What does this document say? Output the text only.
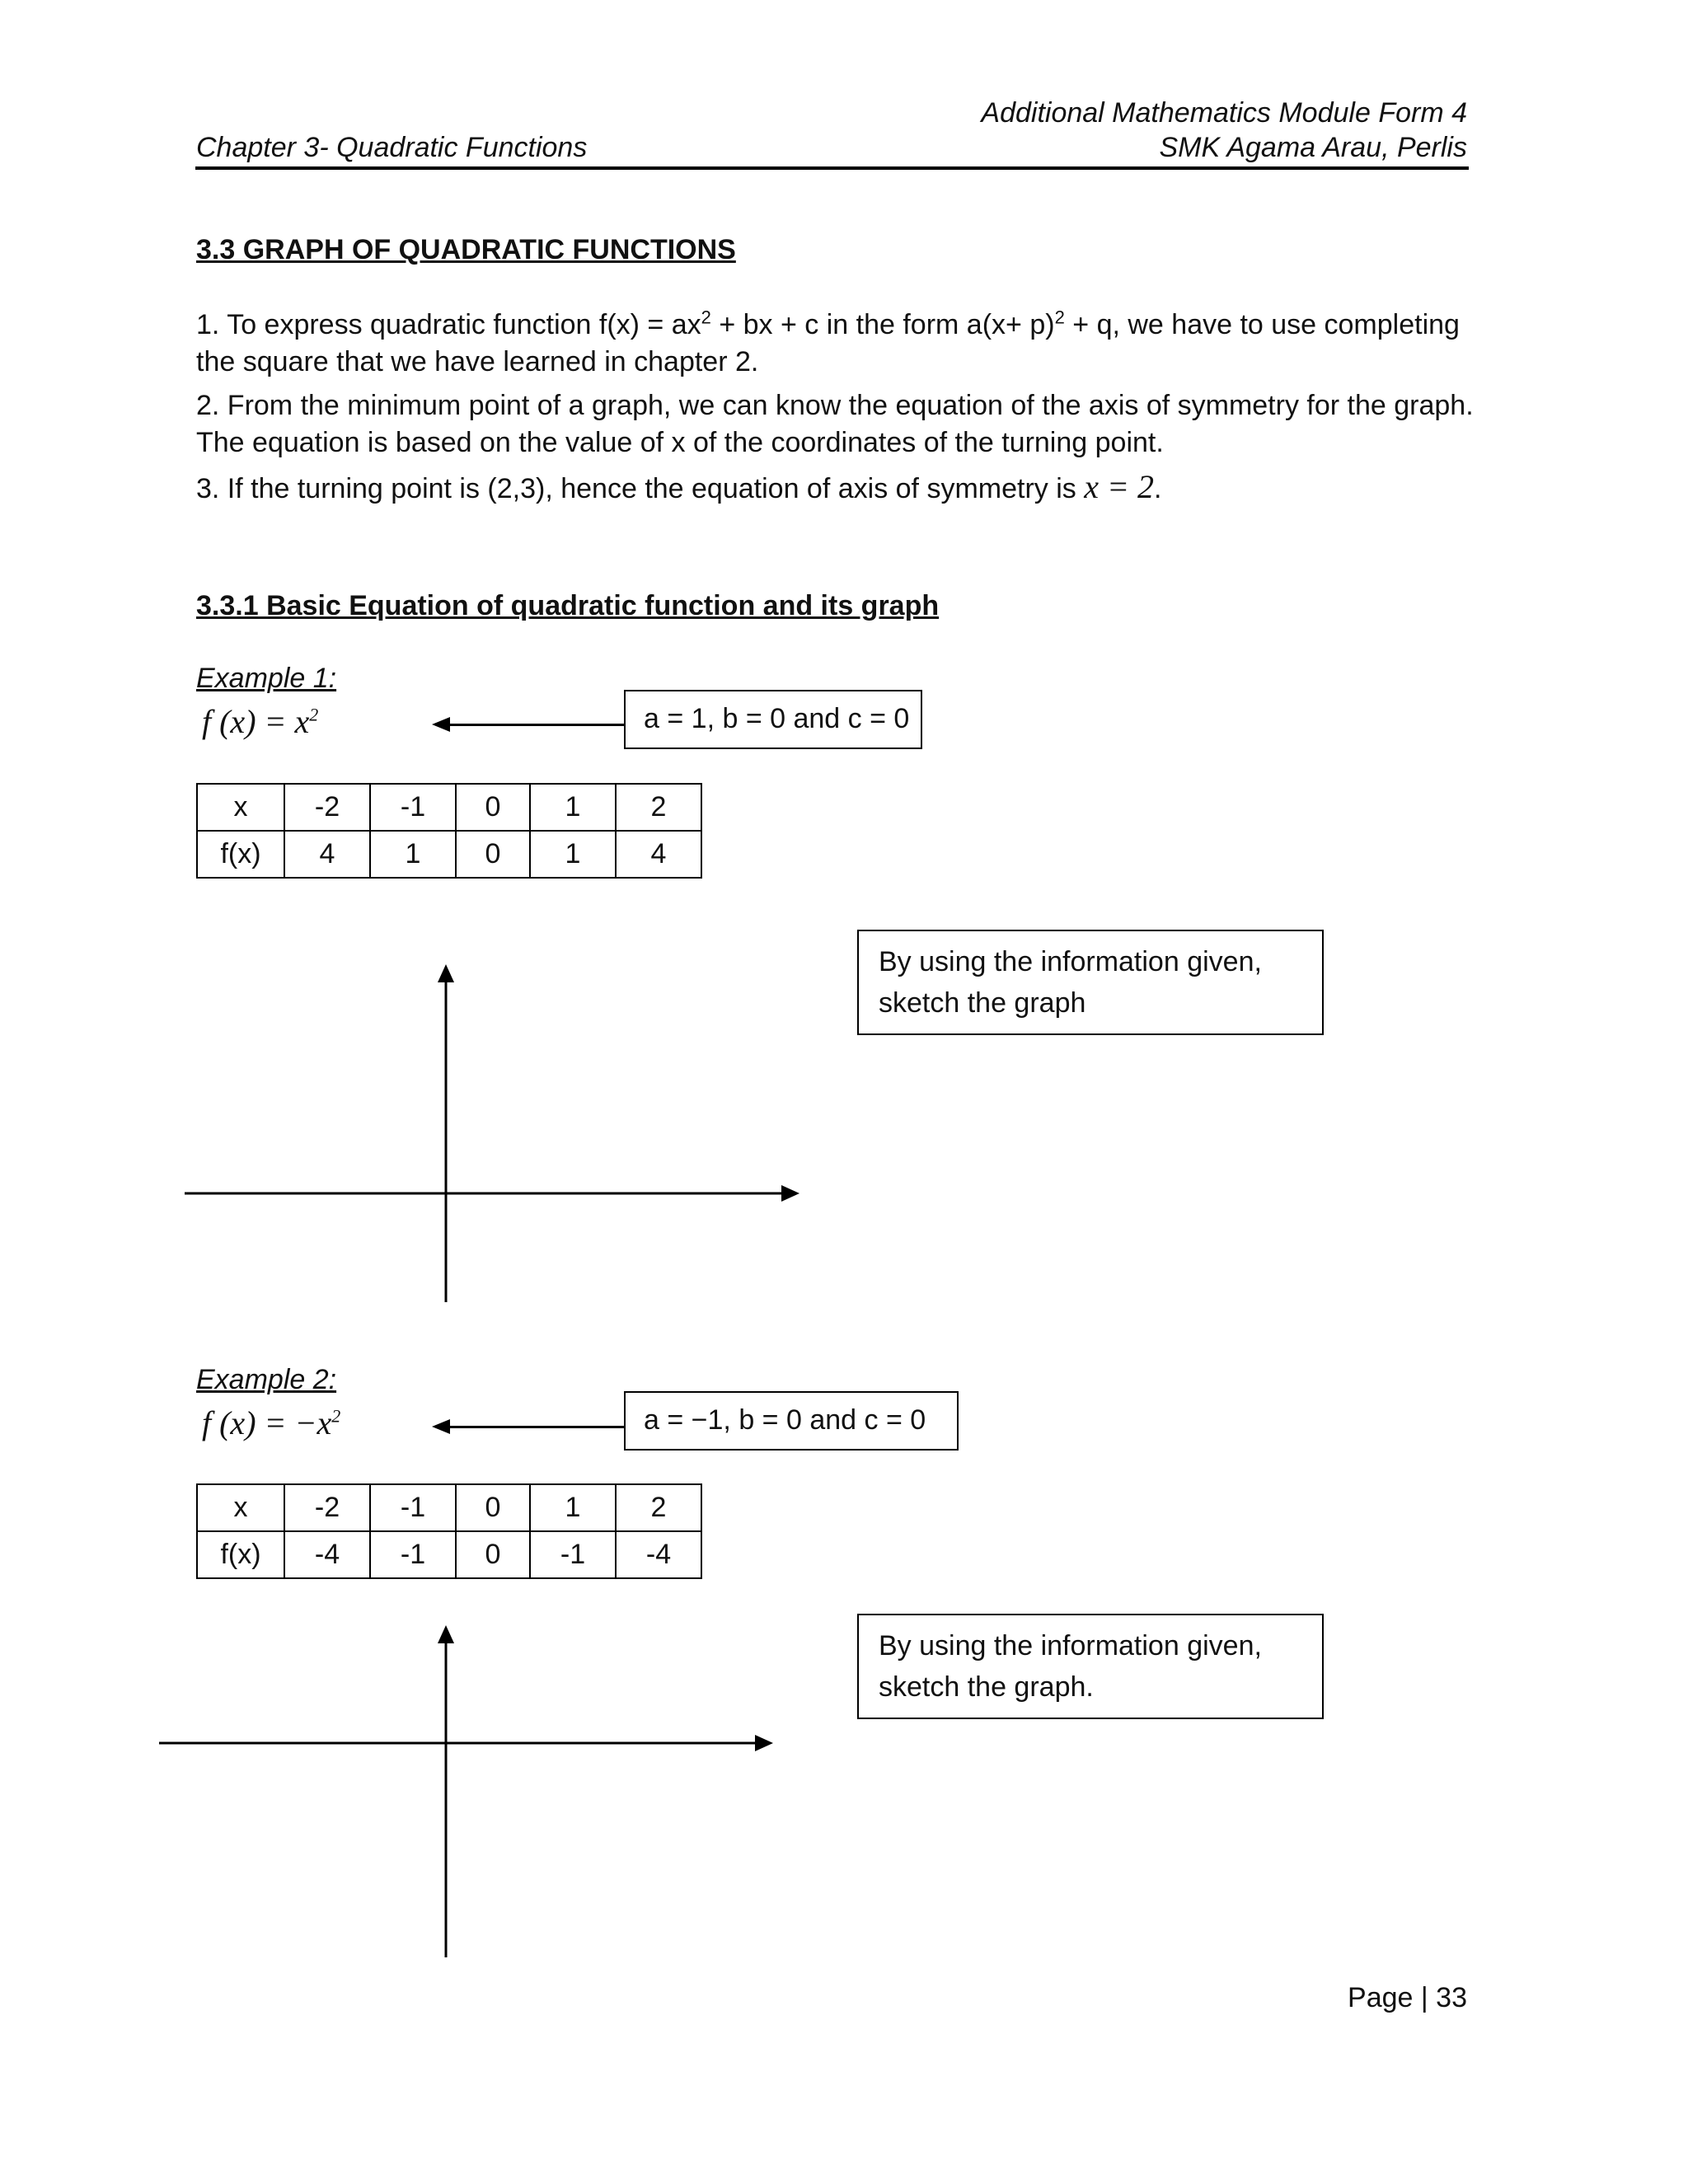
Additional Mathematics Module Form 4
SMK Agama Arau, Perlis
Chapter 3- Quadratic Functions
3.3 GRAPH OF QUADRATIC FUNCTIONS
1. To express quadratic function $f(x) = ax^2$ + bx + c in the form $a(x+ p)^2 + q$, we have to use completing the square that we have learned in chapter 2.
2. From the minimum point of a graph, we can know the equation of the axis of symmetry for the graph. The equation is based on the value of x of the coordinates of the turning point.
3. If the turning point is (2,3), hence the equation of axis of symmetry is x = 2.
3.3.1 Basic Equation of quadratic function and its graph
Example 1:
f $(x) = x^2$	a = 1, b = 0 and c = 0
x	-2	-1	0	1	2
f(x)	4	1	0	1	4
By using the information given,
sketch the graph
Example 2:
f $(x) = -x^2$	a = −1, b = 0 and c = 0
x	-2	-1	0	1	2
f(x)	-4	-1	0	-1	-4
By using the information given,
sketch the graph.
Page | 33
